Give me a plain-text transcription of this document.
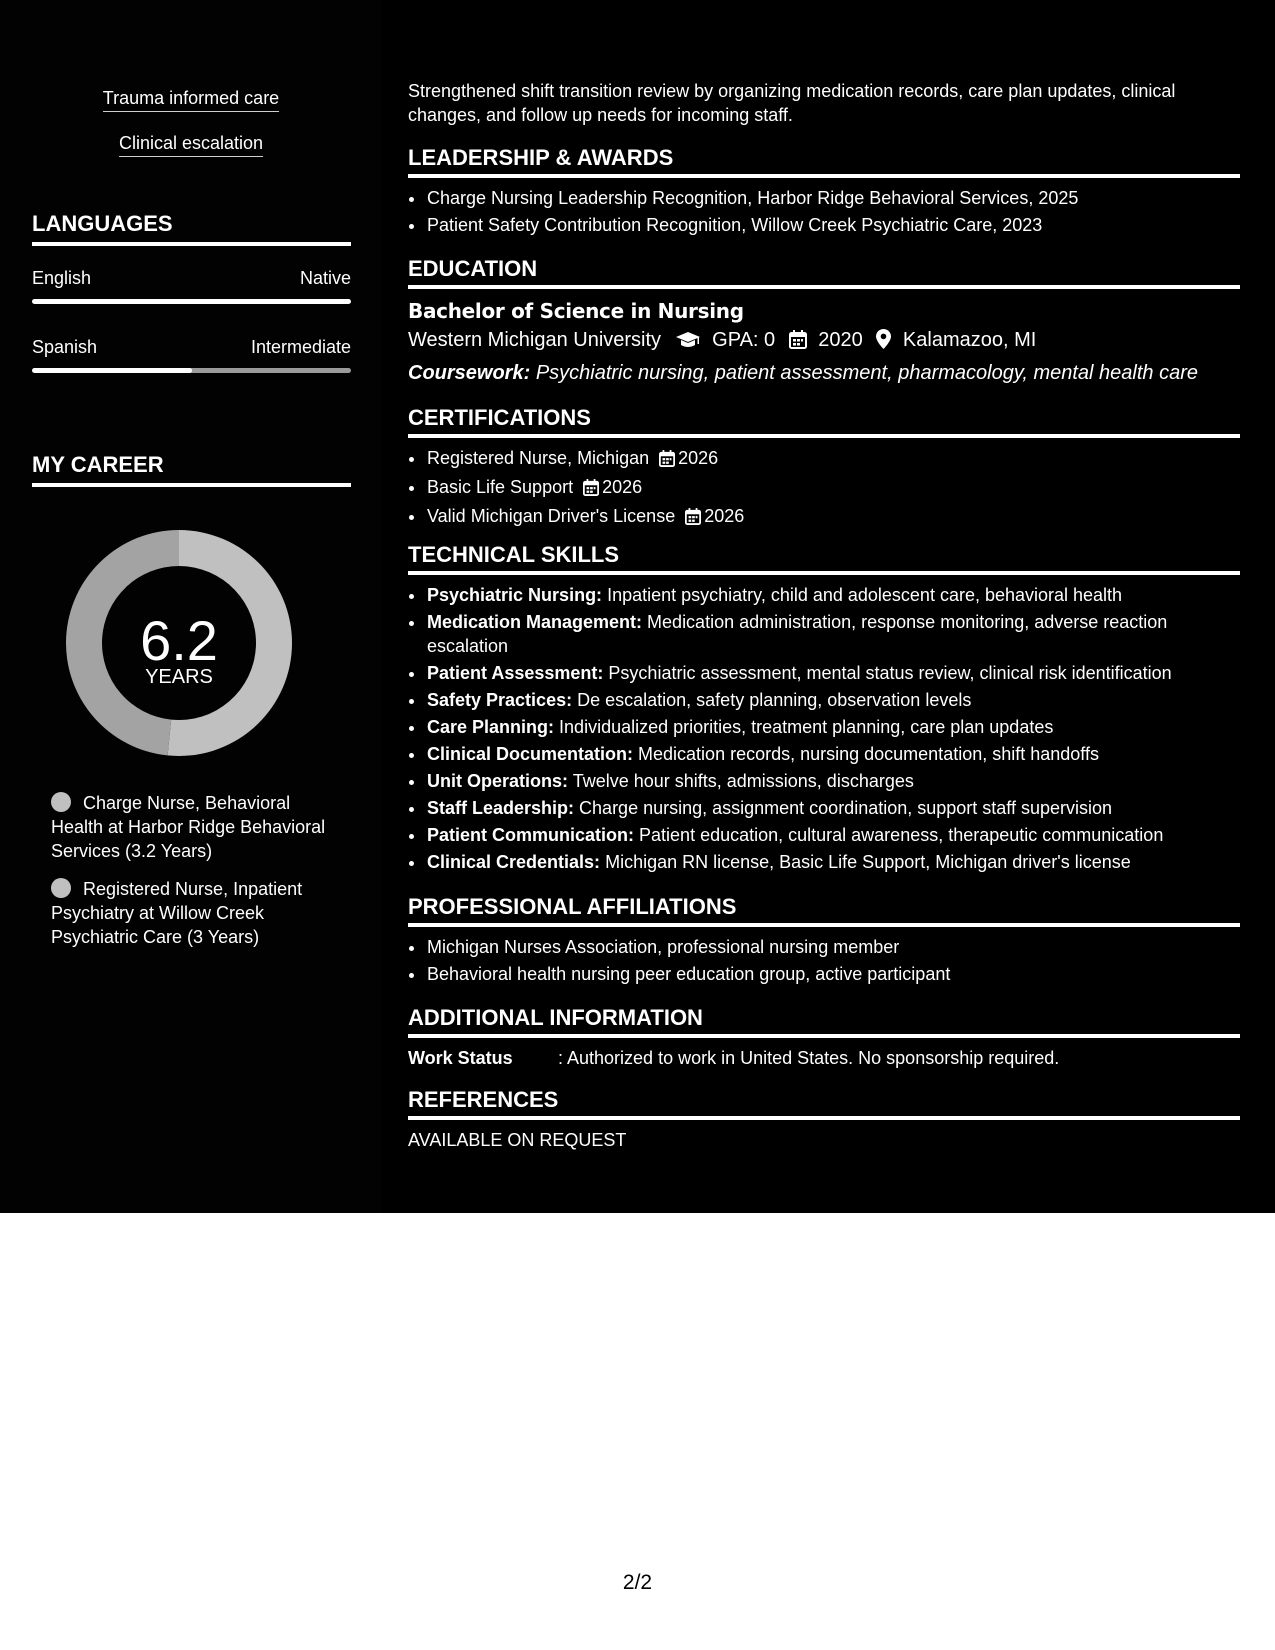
Trauma informed care
Clinical escalation
LANGUAGES
English	Native
Spanish	Intermediate
MY CAREER
6.2
YEARS
Charge Nurse, Behavioral Health at Harbor Ridge Behavioral Services (3.2 Years)
Registered Nurse, Inpatient Psychiatry at Willow Creek Psychiatric Care (3 Years)
Strengthened shift transition review by organizing medication records, care plan updates, clinical changes, and follow up needs for incoming staff.
LEADERSHIP & AWARDS
• Charge Nursing Leadership Recognition, Harbor Ridge Behavioral Services, 2025
• Patient Safety Contribution Recognition, Willow Creek Psychiatric Care, 2023
EDUCATION
Bachelor of Science in Nursing
Western Michigan University	GPA: 0 2020 Kalamazoo, MI
Coursework: Psychiatric nursing, patient assessment, pharmacology, mental health care
CERTIFICATIONS
• Registered Nurse, Michigan 2026
• Basic Life Support 2026
• Valid Michigan Driver's License 2026
TECHNICAL SKILLS
• Psychiatric Nursing: Inpatient psychiatry, child and adolescent care, behavioral health
• Medication Management: Medication administration, response monitoring, adverse reaction escalation
• Patient Assessment: Psychiatric assessment, mental status review, clinical risk identification
• Safety Practices: De escalation, safety planning, observation levels
• Care Planning: Individualized priorities, treatment planning, care plan updates
• Clinical Documentation: Medication records, nursing documentation, shift handoffs
• Unit Operations: Twelve hour shifts, admissions, discharges
• Staff Leadership: Charge nursing, assignment coordination, support staff supervision
• Patient Communication: Patient education, cultural awareness, therapeutic communication
• Clinical Credentials: Michigan RN license, Basic Life Support, Michigan driver's license
PROFESSIONAL AFFILIATIONS
• Michigan Nurses Association, professional nursing member
• Behavioral health nursing peer education group, active participant
ADDITIONAL INFORMATION
Work Status	: Authorized to work in United States. No sponsorship required.
REFERENCES
AVAILABLE ON REQUEST
2/2
